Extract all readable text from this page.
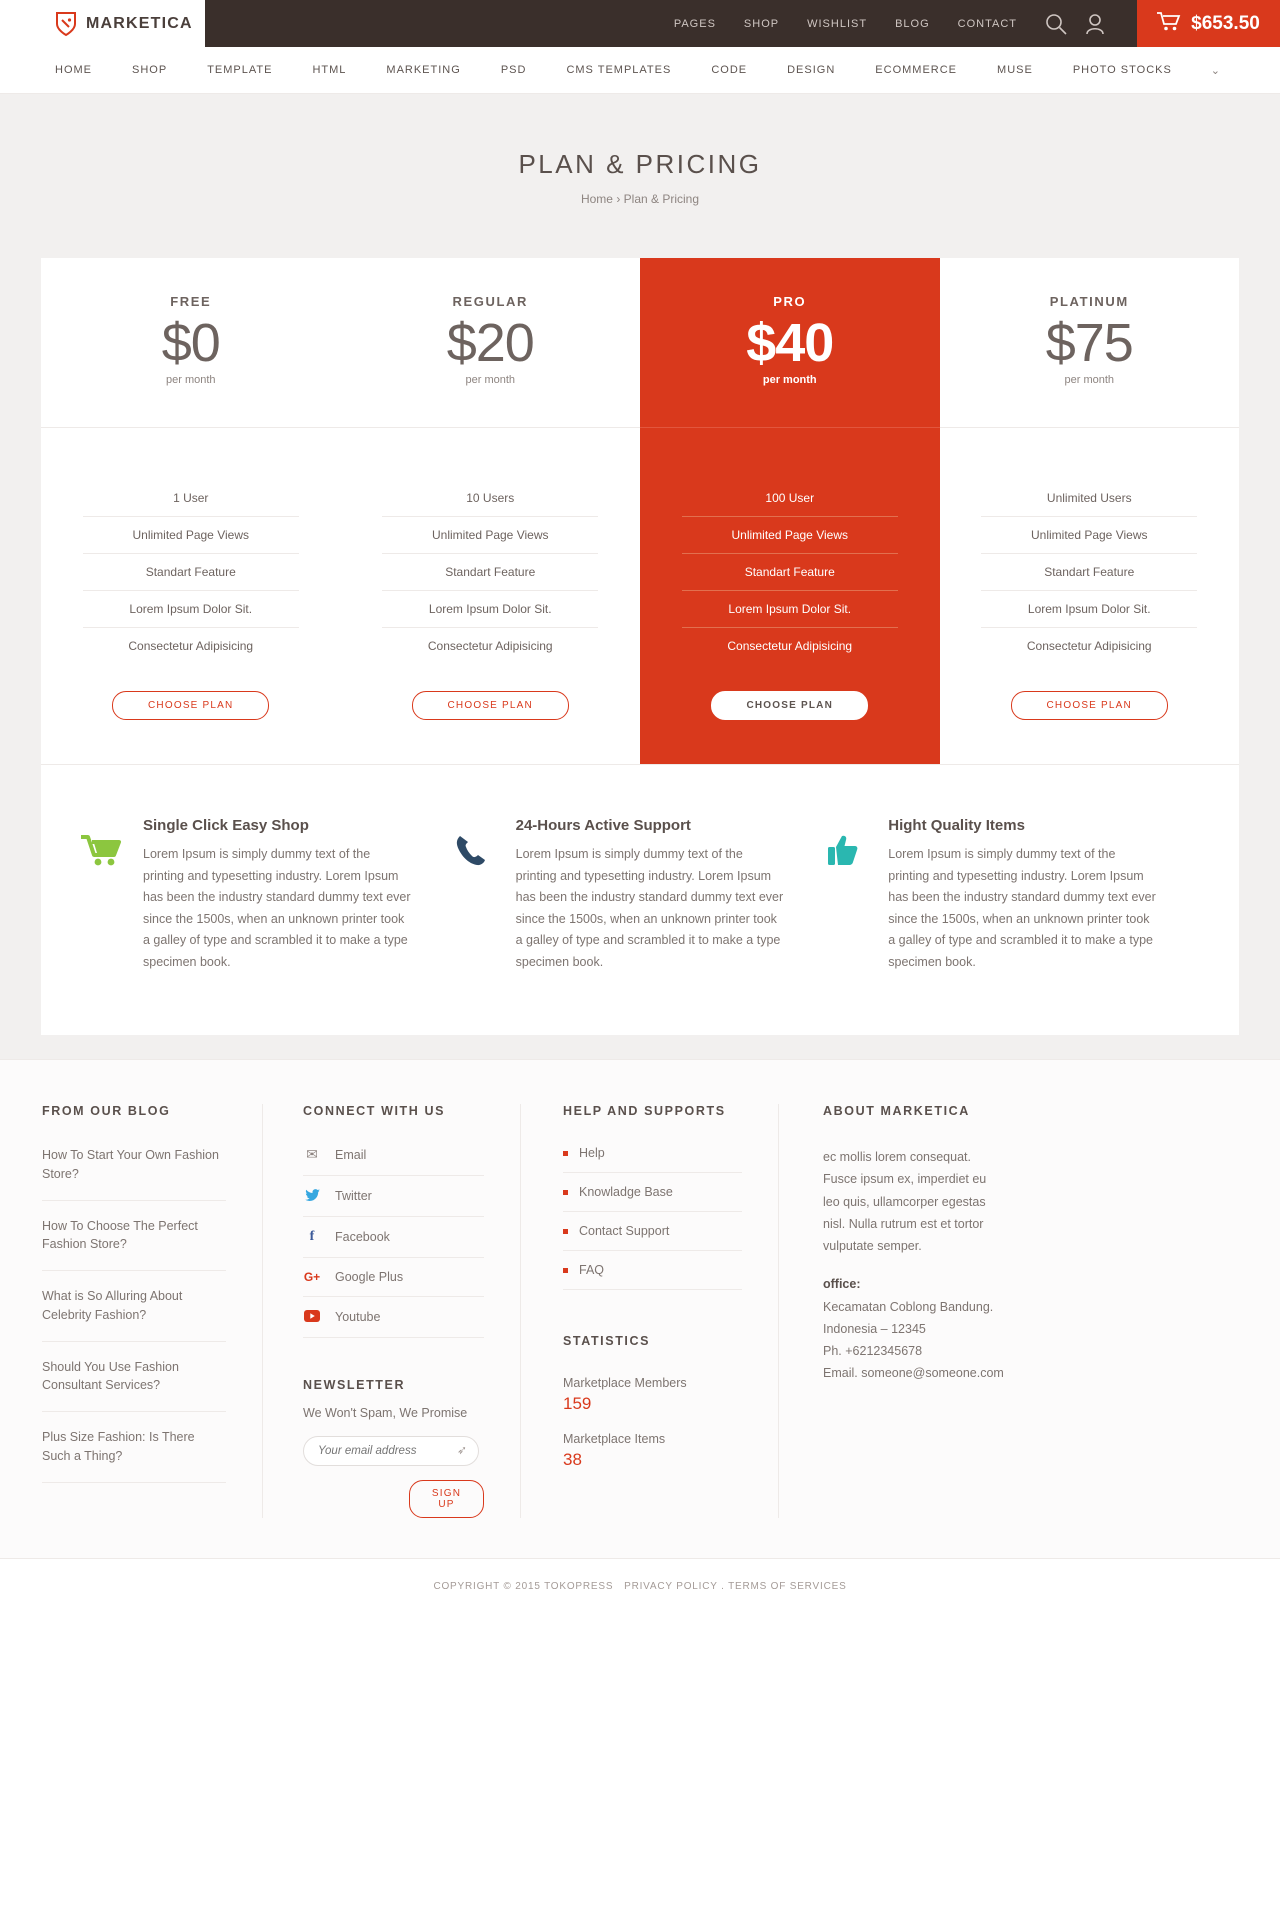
MARKETICA	PAGES	SHOP	WISHLIST	BLOG	CONTACT	$653.50
HOME	SHOP	TEMPLATE	HTML	MARKETING	PSD	CMS TEMPLATES	CODE	DESIGN	ECOMMERCE	MUSE	PHOTO STOCKS	⌄
PLAN & PRICING
Home › Plan & Pricing
FREE
$0
per month
1 User
Unlimited Page Views
Standart Feature
Lorem Ipsum Dolor Sit.
Consectetur Adipisicing
CHOOSE PLAN
REGULAR
$20
per month
10 Users
Unlimited Page Views
Standart Feature
Lorem Ipsum Dolor Sit.
Consectetur Adipisicing
CHOOSE PLAN
PRO
$40
per month
100 User
Unlimited Page Views
Standart Feature
Lorem Ipsum Dolor Sit.
Consectetur Adipisicing
CHOOSE PLAN
PLATINUM
$75
per month
Unlimited Users
Unlimited Page Views
Standart Feature
Lorem Ipsum Dolor Sit.
Consectetur Adipisicing
CHOOSE PLAN
Single Click Easy Shop
Lorem Ipsum is simply dummy text of the printing and typesetting industry. Lorem Ipsum has been the industry standard dummy text ever since the 1500s, when an unknown printer took a galley of type and scrambled it to make a type specimen book.
24-Hours Active Support
Lorem Ipsum is simply dummy text of the printing and typesetting industry. Lorem Ipsum has been the industry standard dummy text ever since the 1500s, when an unknown printer took a galley of type and scrambled it to make a type specimen book.
Hight Quality Items
Lorem Ipsum is simply dummy text of the printing and typesetting industry. Lorem Ipsum has been the industry standard dummy text ever since the 1500s, when an unknown printer took a galley of type and scrambled it to make a type specimen book.
FROM OUR BLOG
How To Start Your Own Fashion Store?
How To Choose The Perfect Fashion Store?
What is So Alluring About Celebrity Fashion?
Should You Use Fashion Consultant Services?
Plus Size Fashion: Is There Such a Thing?
CONNECT WITH US
✉ Email
Twitter
f	Facebook
G+ Google Plus
Youtube
NEWSLETTER
We Won't Spam, We Promise
Your email address
➶
SIGN UP
HELP AND SUPPORTS
Help
Knowladge Base
Contact Support
FAQ
STATISTICS
Marketplace Members
159
Marketplace Items
38
ABOUT MARKETICA
ec mollis lorem consequat. Fusce ipsum ex, imperdiet eu leo quis, ullamcorper egestas nisl. Nulla rutrum est et tortor vulputate semper.
office:
Kecamatan Coblong Bandung.
Indonesia – 12345
Ph. +6212345678
Email. someone@someone.com
COPYRIGHT © 2015 TOKOPRESS PRIVACY POLICY . TERMS OF SERVICES
